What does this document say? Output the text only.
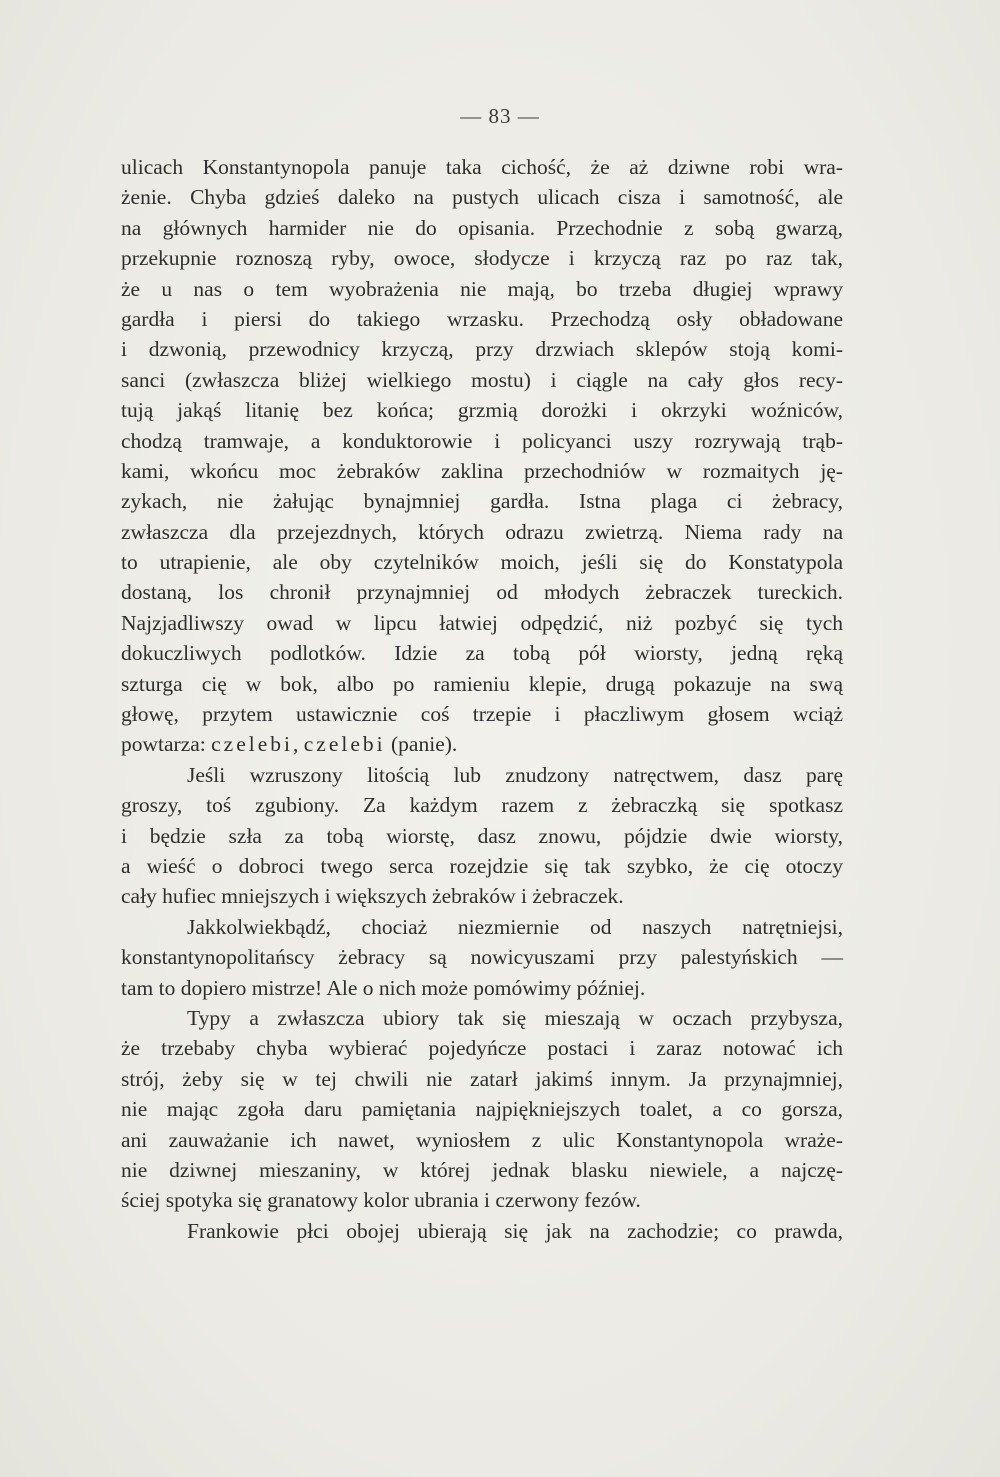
— 83 —
ulicach Konstantynopola panuje taka cichość, że aż dziwne robi wra-
żenie. Chyba gdzieś daleko na pustych ulicach cisza i samotność, ale
na głównych harmider nie do opisania. Przechodnie z sobą gwarzą,
przekupnie roznoszą ryby, owoce, słodycze i krzyczą raz po raz tak,
że u nas o tem wyobrażenia nie mają, bo trzeba długiej wprawy
gardła i piersi do takiego wrzasku. Przechodzą osły obładowane
i dzwonią, przewodnicy krzyczą, przy drzwiach sklepów stoją komi-
sanci (zwłaszcza bliżej wielkiego mostu) i ciągle na cały głos recy-
tują jakąś litanię bez końca; grzmią dorożki i okrzyki woźniców,
chodzą tramwaje, a konduktorowie i policyanci uszy rozrywają trąb-
kami, wkońcu moc żebraków zaklina przechodniów w rozmaitych ję-
zykach, nie żałując bynajmniej gardła. Istna plaga ci żebracy,
zwłaszcza dla przejezdnych, których odrazu zwietrzą. Niema rady na
to utrapienie, ale oby czytelników moich, jeśli się do Konstatypola
dostaną, los chronił przynajmniej od młodych żebraczek tureckich.
Najzjadliwszy owad w lipcu łatwiej odpędzić, niż pozbyć się tych
dokuczliwych podlotków. Idzie za tobą pół wiorsty, jedną ręką
szturga cię w bok, albo po ramieniu klepie, drugą pokazuje na swą
głowę, przytem ustawicznie coś trzepie i płaczliwym głosem wciąż
powtarza: czelebi, czelebi (panie).
Jeśli wzruszony litością lub znudzony natręctwem, dasz parę
groszy, toś zgubiony. Za każdym razem z żebraczką się spotkasz
i będzie szła za tobą wiorstę, dasz znowu, pójdzie dwie wiorsty,
a wieść o dobroci twego serca rozejdzie się tak szybko, że cię otoczy
cały hufiec mniejszych i większych żebraków i żebraczek.
Jakkolwiekbądź, chociaż niezmiernie od naszych natrętniejsi,
konstantynopolitańscy żebracy są nowicyuszami przy palestyńskich —
tam to dopiero mistrze! Ale o nich może pomówimy później.
Typy a zwłaszcza ubiory tak się mieszają w oczach przybysza,
że trzebaby chyba wybierać pojedyńcze postaci i zaraz notować ich
strój, żeby się w tej chwili nie zatarł jakimś innym. Ja przynajmniej,
nie mając zgoła daru pamiętania najpiękniejszych toalet, a co gorsza,
ani zauważanie ich nawet, wyniosłem z ulic Konstantynopola wraże-
nie dziwnej mieszaniny, w której jednak blasku niewiele, a najczę-
ściej spotyka się granatowy kolor ubrania i czerwony fezów.
Frankowie płci obojej ubierają się jak na zachodzie; co prawda,
